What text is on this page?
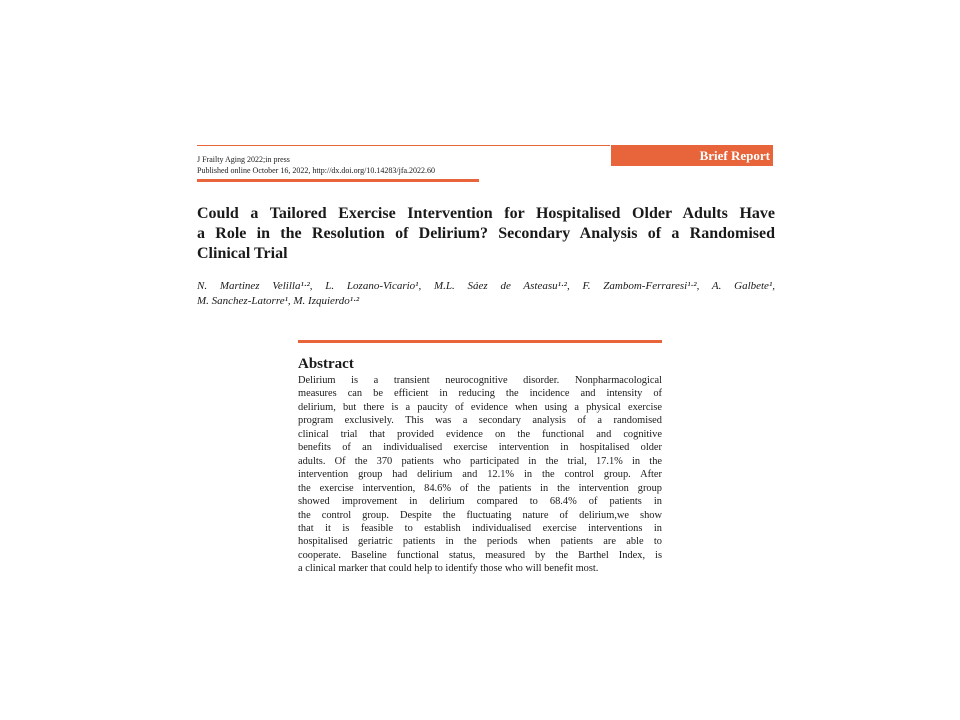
J Frailty Aging 2022;in press
Published online October 16, 2022, http://dx.doi.org/10.14283/jfa.2022.60
Brief Report
Could a Tailored Exercise Intervention for Hospitalised Older Adults Have
a Role in the Resolution of Delirium? Secondary Analysis of a Randomised
Clinical Trial

N. Martinez Velilla¹·², L. Lozano-Vicario¹, M.L. Sáez de Asteasu¹·², F. Zambom-Ferraresi¹·², A. Galbete¹,
M. Sanchez-Latorre¹, M. Izquierdo¹·²

Abstract

Delirium is a transient neurocognitive disorder. Nonpharmacological
measures can be efficient in reducing the incidence and intensity of
delirium, but there is a paucity of evidence when using a physical exercise
program exclusively. This was a secondary analysis of a randomised
clinical trial that provided evidence on the functional and cognitive
benefits of an individualised exercise intervention in hospitalised older
adults. Of the 370 patients who participated in the trial, 17.1% in the
intervention group had delirium and 12.1% in the control group. After
the exercise intervention, 84.6% of the patients in the intervention group
showed improvement in delirium compared to 68.4% of patients in
the control group. Despite the fluctuating nature of delirium,we show
that it is feasible to establish individualised exercise interventions in
hospitalised geriatric patients in the periods when patients are able to
cooperate. Baseline functional status, measured by the Barthel Index, is
a clinical marker that could help to identify those who will benefit most.
